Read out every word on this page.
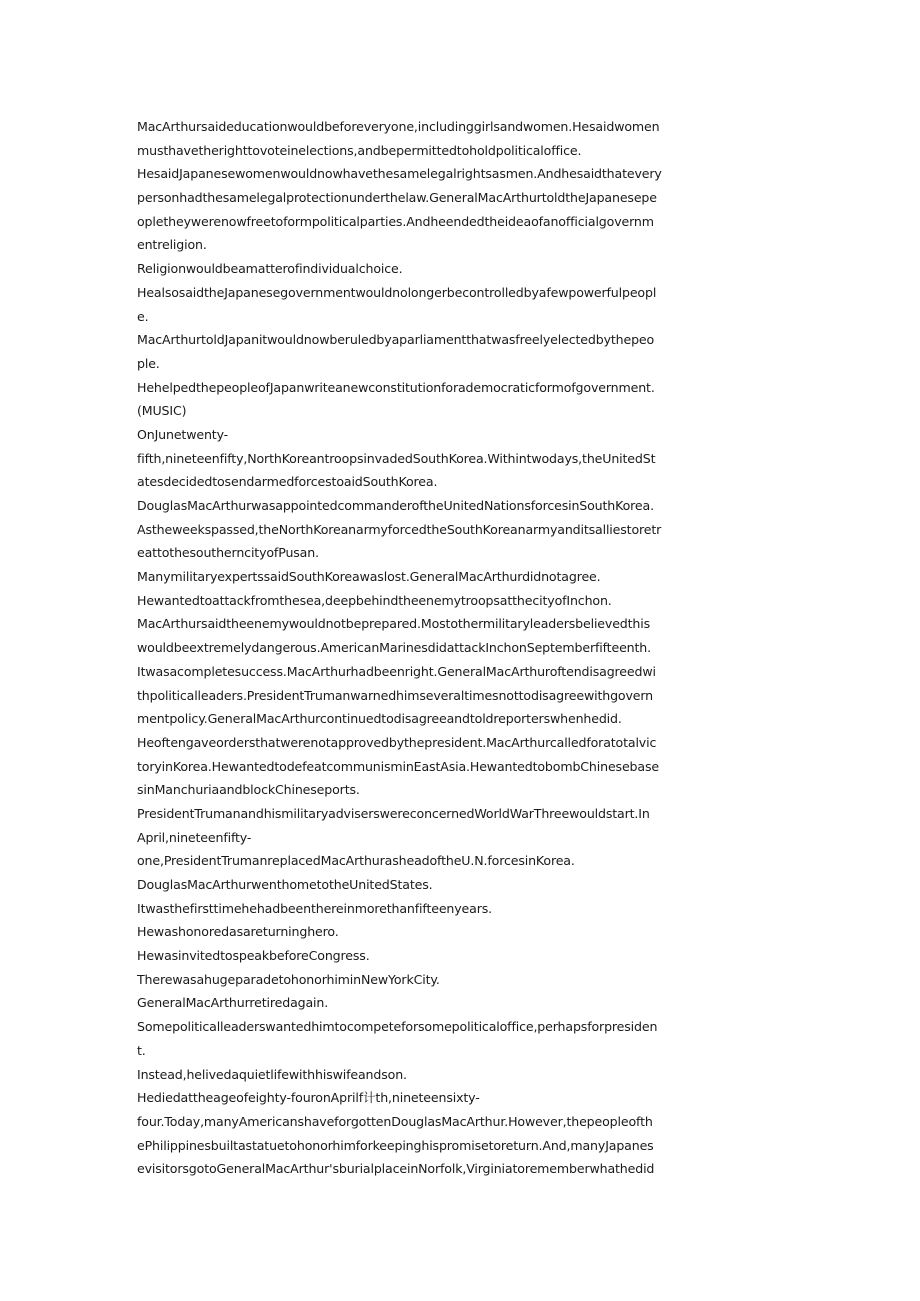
MacArthursaideducationwouldbeforeveryone,includinggirlsandwomen.Hesaidwomen
musthavetherighttovoteinelections,andbepermittedtoholdpoliticaloffice.
HesaidJapanesewomenwouldnowhavethesamelegalrightsasmen.Andhesaidthatevery
personhadthesamelegalprotectionunderthelaw.GeneralMacArthurtoldtheJapanesepe
opletheywerenowfreetoformpoliticalparties.Andheendedtheideaofanofficialgovernm
entreligion.
Religionwouldbeamatterofindividualchoice.
HealsosaidtheJapanesegovernmentwouldnolongerbecontrolledbyafewpowerfulpeopl
e.
MacArthurtoldJapanitwouldnowberuledbyaparliamentthatwasfreelyelectedbythepeo
ple.
HehelpedthepeopleofJapanwriteanewconstitutionforademocraticformofgovernment.
(MUSIC)
OnJunetwenty-
fifth,nineteenfifty,NorthKoreantroopsinvadedSouthKorea.Withintwodays,theUnitedSt
atesdecidedtosendarmedforcestoaidSouthKorea.
DouglasMacArthurwasappointedcommanderoftheUnitedNationsforcesinSouthKorea.
Astheweekspassed,theNorthKoreanarmyforcedtheSouthKoreanarmyanditsalliestoretr
eattothesoutherncityofPusan.
ManymilitaryexpertssaidSouthKoreawaslost.GeneralMacArthurdidnotagree.
Hewantedtoattackfromthesea,deepbehindtheenemytroopsatthecityofInchon.
MacArthursaidtheenemywouldnotbeprepared.Mostothermilitaryleadersbelievedthis
wouldbeextremelydangerous.AmericanMarinesdidattackInchonSeptemberfifteenth.
Itwasacompletesuccess.MacArthurhadbeenright.GeneralMacArthuroftendisagreedwi
thpoliticalleaders.PresidentTrumanwarnedhimseveraltimesnottodisagreewithgovern
mentpolicy.GeneralMacArthurcontinuedtodisagreeandtoldreporterswhenhedid.
Heoftengaveordersthatwerenotapprovedbythepresident.MacArthurcalledforatotalvic
toryinKorea.HewantedtodefeatcommunisminEastAsia.HewantedtobombChinesebase
sinManchuriaandblockChineseports.
PresidentTrumanandhismilitaryadviserswereconcernedWorldWarThreewouldstart.In
April,nineteenfifty-
one,PresidentTrumanreplacedMacArthurasheadoftheU.N.forcesinKorea.
DouglasMacArthurwenthometotheUnitedStates.
Itwasthefirsttimehehadbeenthereinmorethanfifteenyears.
Hewashonoredasareturninghero.
HewasinvitedtospeakbeforeCongress.
TherewasahugeparadetohonorhiminNewYorkCity.
GeneralMacArthurretiredagain.
Somepoliticalleaderswantedhimtocompeteforsomepoliticaloffice,perhapsforpresiden
t.
Instead,helivedaquietlifewithhiswifeandson.
Hediedattheageofeighty-fouronAprilf计th,nineteensixty-
four.Today,manyAmericanshaveforgottenDouglasMacArthur.However,thepeopleofth
ePhilippinesbuiltastatuetohonorhimforkeepinghispromisetoreturn.And,manyJapanes
evisitorsgotoGeneralMacArthur'sburialplaceinNorfolk,Virginiatorememberwhathedid
